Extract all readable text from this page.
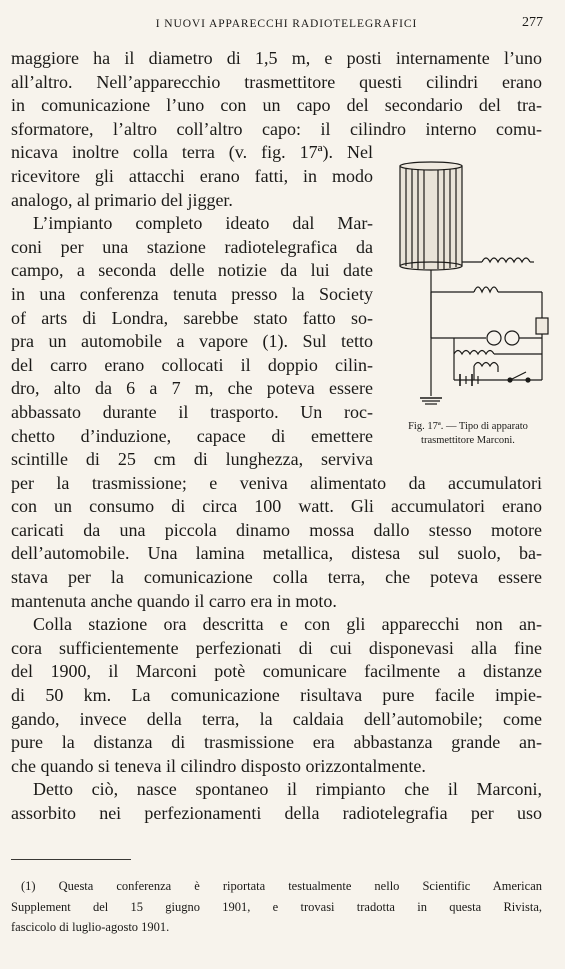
I NUOVI APPARECCHI RADIOTELEGRAFICI	277
maggiore ha il diametro di 1,5 m, e posti internamente l’uno
all’altro. Nell’apparecchio trasmettitore questi cilindri erano
in comunicazione l’uno con un capo del secondario del tra-
sformatore, l’altro coll’altro capo: il cilindro interno comu-
nicava inoltre colla terra (v. fig. 17ª). Nel
ricevitore gli attacchi erano fatti, in modo
analogo, al primario del jigger.
L’impianto completo ideato dal Mar-
coni per una stazione radiotelegrafica da
campo, a seconda delle notizie da lui date
in una conferenza tenuta presso la Society
of arts di Londra, sarebbe stato fatto so-
pra un automobile a vapore (1). Sul tetto
del carro erano collocati il doppio cilin-
dro, alto da 6 a 7 m, che poteva essere
abbassato durante il trasporto. Un roc-
chetto d’induzione, capace di emettere
scintille di 25 cm di lunghezza, serviva
per la trasmissione; e veniva alimentato da accumulatori
con un consumo di circa 100 watt. Gli accumulatori erano
caricati da una piccola dinamo mossa dallo stesso motore
dell’automobile. Una lamina metallica, distesa sul suolo, ba-
stava per la comunicazione colla terra, che poteva essere
mantenuta anche quando il carro era in moto.
Colla stazione ora descritta e con gli apparecchi non an-
cora sufficientemente perfezionati di cui disponevasi alla fine
del 1900, il Marconi potè comunicare facilmente a distanze
di 50 km. La comunicazione risultava pure facile impie-
gando, invece della terra, la caldaia dell’automobile; come
pure la distanza di trasmissione era abbastanza grande an-
che quando si teneva il cilindro disposto orizzontalmente.
Detto ciò, nasce spontaneo il rimpianto che il Marconi,
assorbito nei perfezionamenti della radiotelegrafia per uso
Fig. 17ª. — Tipo di apparato
trasmettitore Marconi.
(1) Questa conferenza è riportata testualmente nello Scientific American
Supplement del 15 giugno 1901, e trovasi tradotta in questa Rivista,
fascicolo di luglio-agosto 1901.
